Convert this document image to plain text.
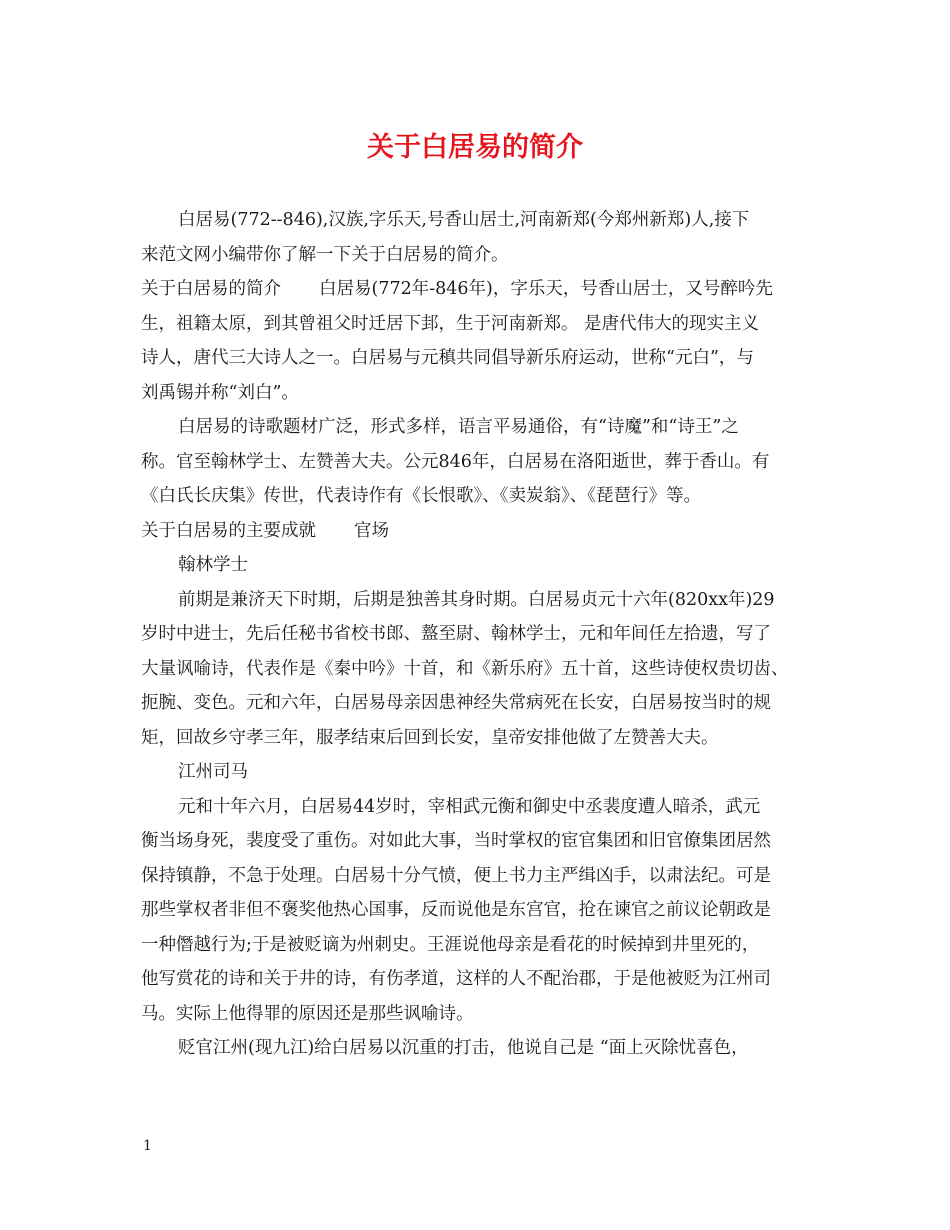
关于白居易的简介
白居易(772--846),汉族,字乐天,号香山居士,河南新郑(今郑州新郑)人,接下
来范文网小编带你了解一下关于白居易的简介。
关于白居易的简介 白居易(772年-846年)，字乐天，号香山居士，又号醉吟先
生，祖籍太原，到其曾祖父时迁居下邽，生于河南新郑。 是唐代伟大的现实主义
诗人，唐代三大诗人之一。白居易与元稹共同倡导新乐府运动，世称“元白”，与
刘禹锡并称“刘白”。
白居易的诗歌题材广泛，形式多样，语言平易通俗，有“诗魔”和“诗王”之
称。官至翰林学士、左赞善大夫。公元846年，白居易在洛阳逝世，葬于香山。有
《白氏长庆集》传世，代表诗作有《长恨歌》、《卖炭翁》、《琵琶行》等。
关于白居易的主要成就 官场
翰林学士
前期是兼济天下时期，后期是独善其身时期。白居易贞元十六年(820xx年)29
岁时中进士，先后任秘书省校书郎、盩至尉、翰林学士，元和年间任左拾遗，写了
大量讽喻诗，代表作是《秦中吟》十首，和《新乐府》五十首，这些诗使权贵切齿、
扼腕、变色。元和六年，白居易母亲因患神经失常病死在长安，白居易按当时的规
矩，回故乡守孝三年，服孝结束后回到长安，皇帝安排他做了左赞善大夫。
江州司马
元和十年六月，白居易44岁时，宰相武元衡和御史中丞裴度遭人暗杀，武元
衡当场身死，裴度受了重伤。对如此大事，当时掌权的宦官集团和旧官僚集团居然
保持镇静，不急于处理。白居易十分气愤，便上书力主严缉凶手，以肃法纪。可是
那些掌权者非但不褒奖他热心国事，反而说他是东宫官，抢在谏官之前议论朝政是
一种僭越行为;于是被贬谪为州刺史。王涯说他母亲是看花的时候掉到井里死的，
他写赏花的诗和关于井的诗，有伤孝道，这样的人不配治郡，于是他被贬为江州司
马。实际上他得罪的原因还是那些讽喻诗。
贬官江州(现九江)给白居易以沉重的打击，他说自己是 “面上灭除忧喜色，
1
